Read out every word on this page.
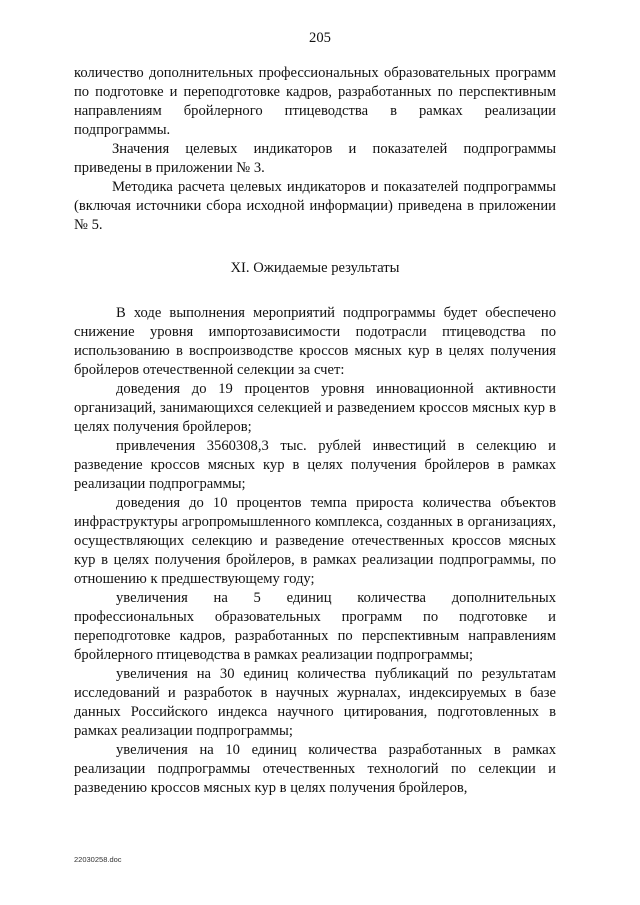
205

количество дополнительных профессиональных образовательных программ по подготовке и переподготовке кадров, разработанных по перспективным направлениям бройлерного птицеводства в рамках реализации подпрограммы.

Значения целевых индикаторов и показателей подпрограммы приведены в приложении № 3.

Методика расчета целевых индикаторов и показателей подпрограммы (включая источники сбора исходной информации) приведена в приложении № 5.

XI. Ожидаемые результаты

В ходе выполнения мероприятий подпрограммы будет обеспечено снижение уровня импортозависимости подотрасли птицеводства по использованию в воспроизводстве кроссов мясных кур в целях получения бройлеров отечественной селекции за счет:

доведения до 19 процентов уровня инновационной активности организаций, занимающихся селекцией и разведением кроссов мясных кур в целях получения бройлеров;

привлечения 3560308,3 тыс. рублей инвестиций в селекцию и разведение кроссов мясных кур в целях получения бройлеров в рамках реализации подпрограммы;

доведения до 10 процентов темпа прироста количества объектов инфраструктуры агропромышленного комплекса, созданных в организациях, осуществляющих селекцию и разведение отечественных кроссов мясных кур в целях получения бройлеров, в рамках реализации подпрограммы, по отношению к предшествующему году;

увеличения на 5 единиц количества дополнительных профессиональных образовательных программ по подготовке и переподготовке кадров, разработанных по перспективным направлениям бройлерного птицеводства в рамках реализации подпрограммы;

увеличения на 30 единиц количества публикаций по результатам исследований и разработок в научных журналах, индексируемых в базе данных Российского индекса научного цитирования, подготовленных в рамках реализации подпрограммы;

увеличения на 10 единиц количества разработанных в рамках реализации подпрограммы отечественных технологий по селекции и разведению кроссов мясных кур в целях получения бройлеров,

22030258.doc
